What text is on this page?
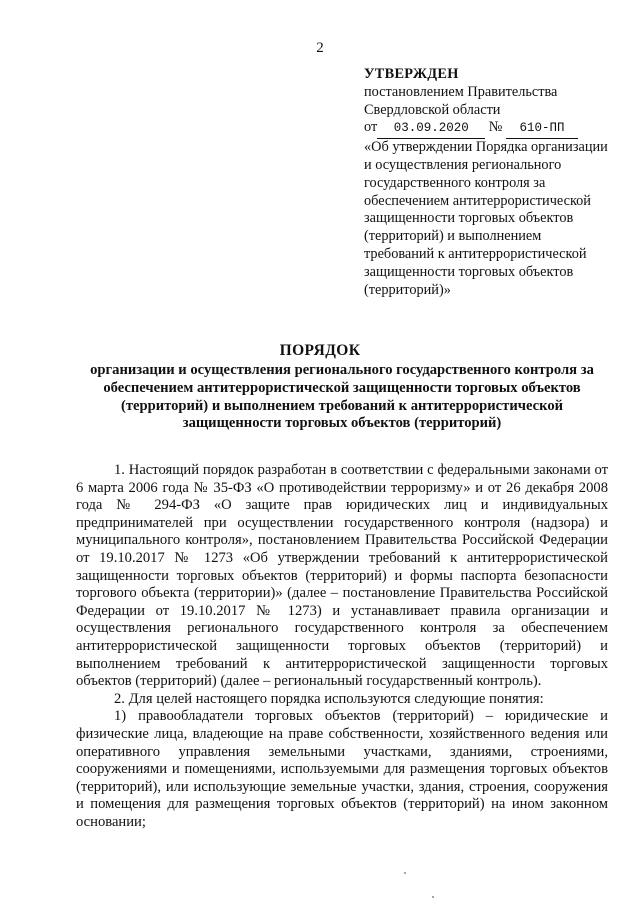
2
УТВЕРЖДЕН
постановлением Правительства
Свердловской области
от 03.09.2020 № 610-ПП
«Об утверждении Порядка организации и осуществления регионального государственного контроля за обеспечением антитеррористической защищенности торговых объектов (территорий) и выполнением требований к антитеррористической защищенности торговых объектов (территорий)»
ПОРЯДОК
организации и осуществления регионального государственного контроля за обеспечением антитеррористической защищенности торговых объектов (территорий) и выполнением требований к антитеррористической защищенности торговых объектов (территорий)

1. Настоящий порядок разработан в соответствии с федеральными законами от 6 марта 2006 года № 35-ФЗ «О противодействии терроризму» и от 26 декабря 2008 года № 294-ФЗ «О защите прав юридических лиц и индивидуальных предпринимателей при осуществлении государственного контроля (надзора) и муниципального контроля», постановлением Правительства Российской Федерации от 19.10.2017 № 1273 «Об утверждении требований к антитеррористической защищенности торговых объектов (территорий) и формы паспорта безопасности торгового объекта (территории)» (далее – постановление Правительства Российской Федерации от 19.10.2017 № 1273) и устанавливает правила организации и осуществления регионального государственного контроля за обеспечением антитеррористической защищенности торговых объектов (территорий) и выполнением требований к антитеррористической защищенности торговых объектов (территорий) (далее – региональный государственный контроль).

2. Для целей настоящего порядка используются следующие понятия:

1) правообладатели торговых объектов (территорий) – юридические и физические лица, владеющие на праве собственности, хозяйственного ведения или оперативного управления земельными участками, зданиями, строениями, сооружениями и помещениями, используемыми для размещения торговых объектов (территорий), или использующие земельные участки, здания, строения, сооружения и помещения для размещения торговых объектов (территорий) на ином законном основании;
